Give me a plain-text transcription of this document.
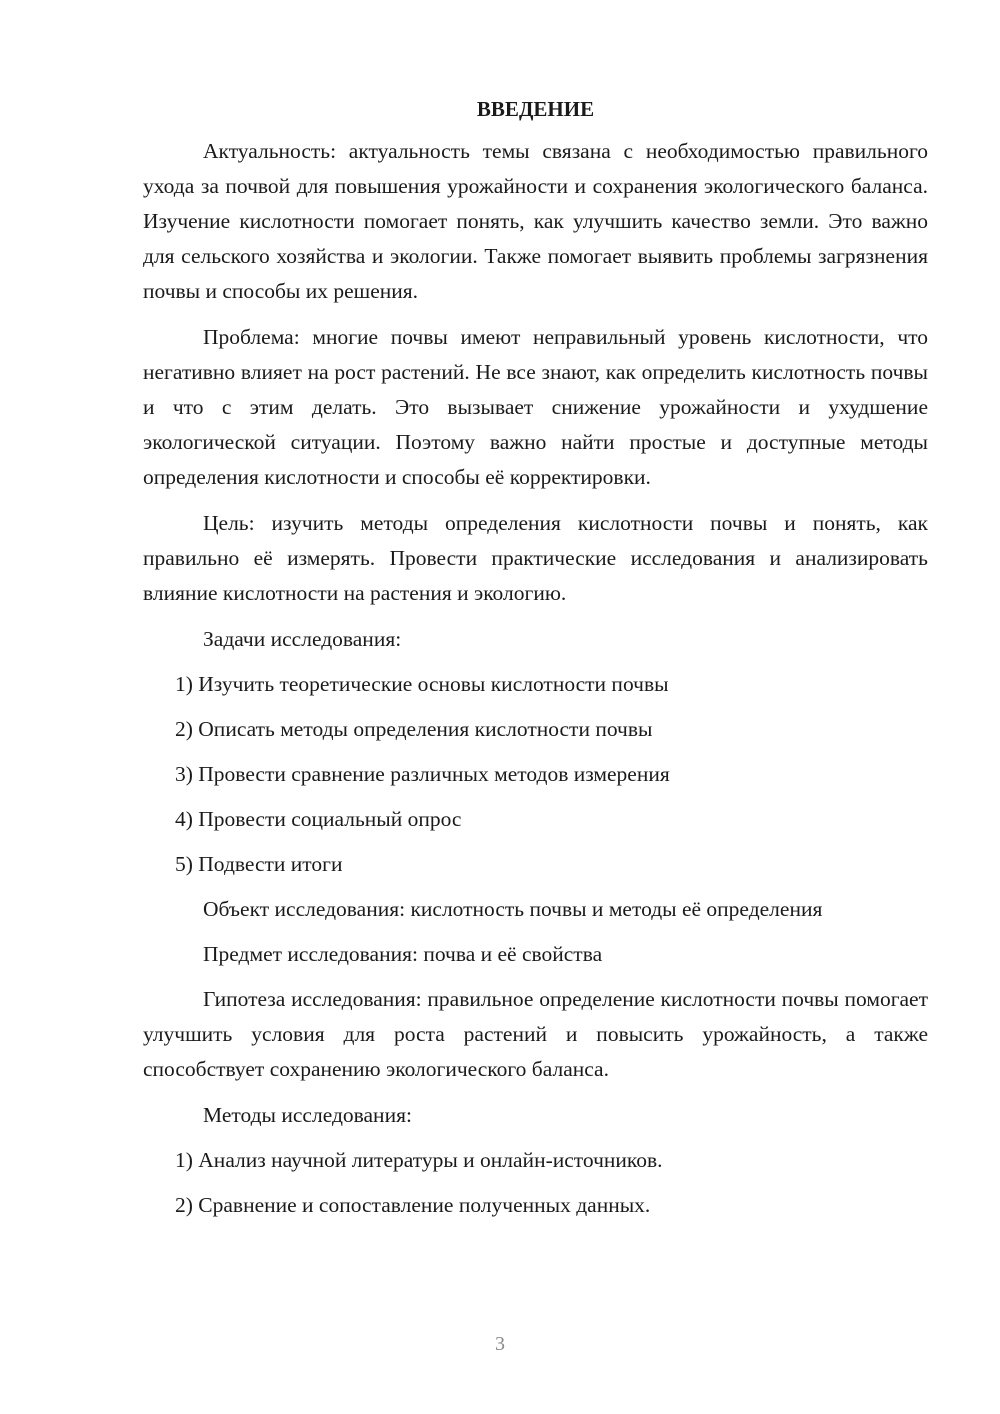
ВВЕДЕНИЕ

Актуальность: актуальность темы связана с необходимостью правильного ухода за почвой для повышения урожайности и сохранения экологического баланса. Изучение кислотности помогает понять, как улучшить качество земли. Это важно для сельского хозяйства и экологии. Также помогает выявить проблемы загрязнения почвы и способы их решения.

Проблема: многие почвы имеют неправильный уровень кислотности, что негативно влияет на рост растений. Не все знают, как определить кислотность почвы и что с этим делать. Это вызывает снижение урожайности и ухудшение экологической ситуации. Поэтому важно найти простые и доступные методы определения кислотности и способы её корректировки.

Цель: изучить методы определения кислотности почвы и понять, как правильно её измерять. Провести практические исследования и анализировать влияние кислотности на растения и экологию.

Задачи исследования:

1) Изучить теоретические основы кислотности почвы
2) Описать методы определения кислотности почвы
3) Провести сравнение различных методов измерения
4) Провести социальный опрос
5) Подвести итоги

Объект исследования: кислотность почвы и методы её определения

Предмет исследования: почва и её свойства

Гипотеза исследования: правильное определение кислотности почвы помогает улучшить условия для роста растений и повысить урожайность, а также способствует сохранению экологического баланса.

Методы исследования:

1) Анализ научной литературы и онлайн-источников.
2) Сравнение и сопоставление полученных данных.
3
